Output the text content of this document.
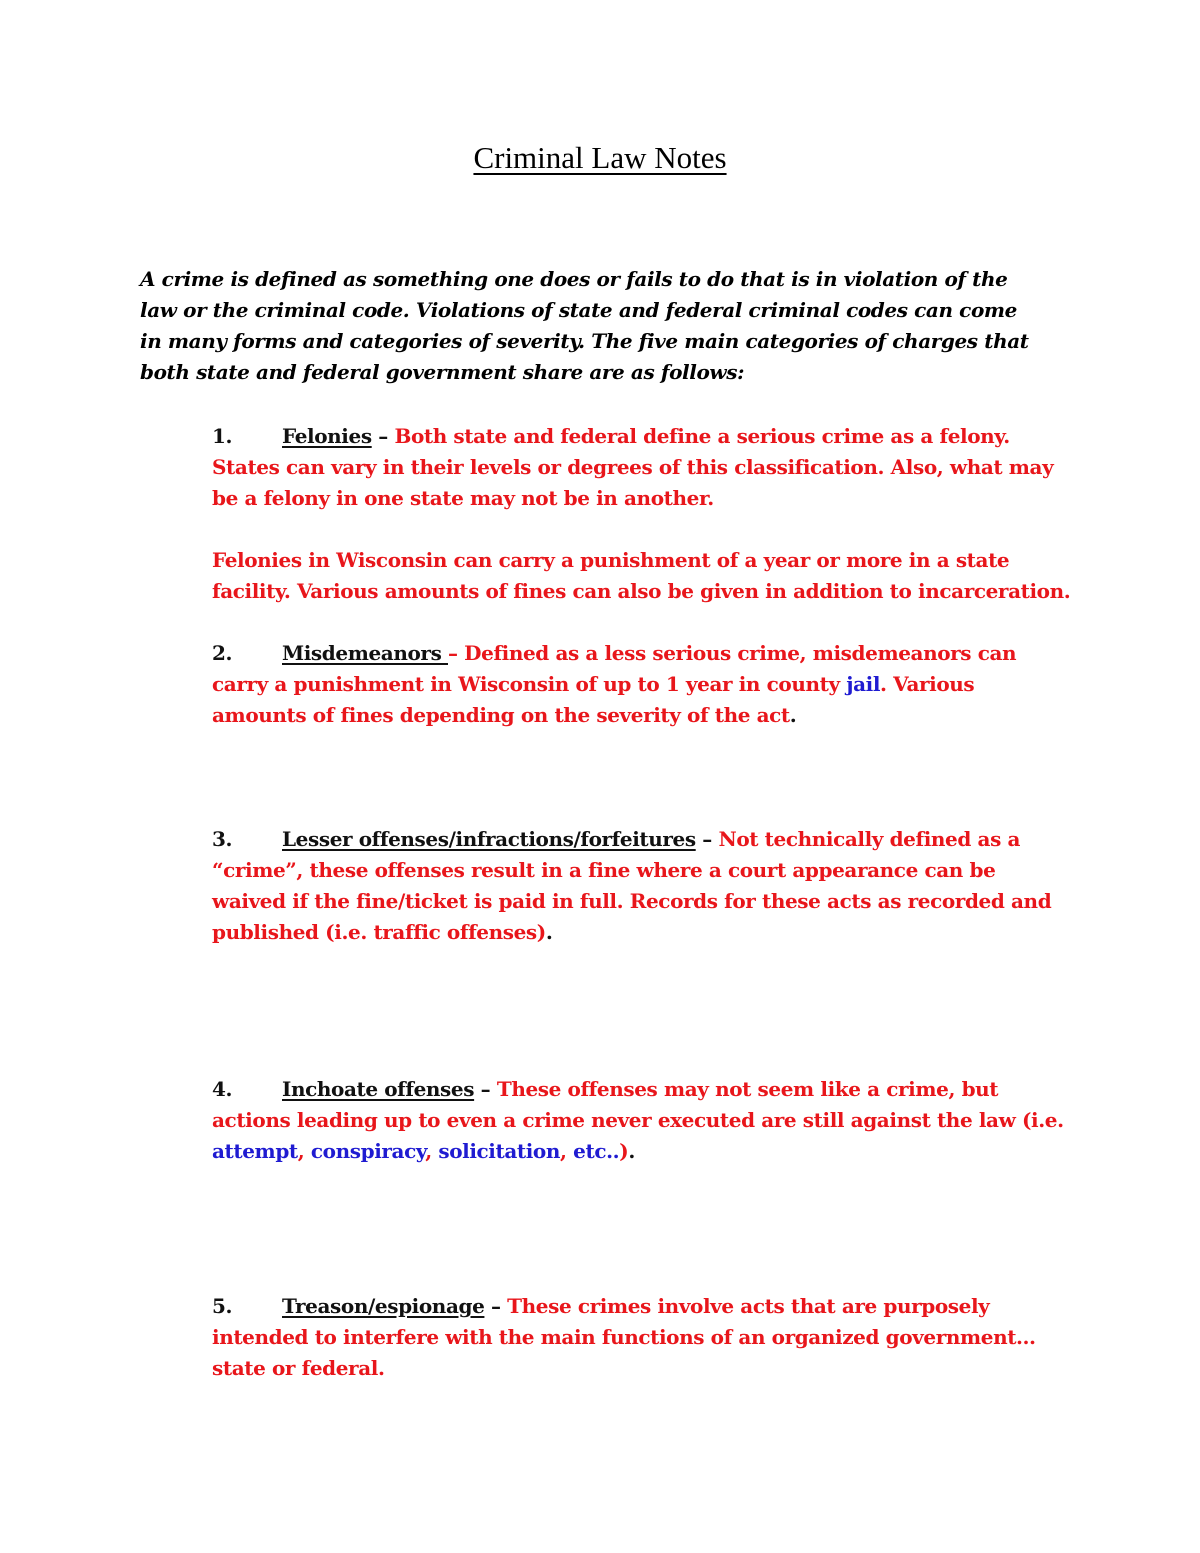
Criminal Law Notes
A crime is defined as something one does or fails to do that is in violation of the law or the criminal code. Violations of state and federal criminal codes can come in many forms and categories of severity. The five main categories of charges that both state and federal government share are as follows:
1. Felonies – Both state and federal define a serious crime as a felony. States can vary in their levels or degrees of this classification. Also, what may be a felony in one state may not be in another.
Felonies in Wisconsin can carry a punishment of a year or more in a state facility. Various amounts of fines can also be given in addition to incarceration.
2. Misdemeanors – Defined as a less serious crime, misdemeanors can carry a punishment in Wisconsin of up to 1 year in county jail. Various amounts of fines depending on the severity of the act.
3. Lesser offenses/infractions/forfeitures – Not technically defined as a “crime”, these offenses result in a fine where a court appearance can be waived if the fine/ticket is paid in full. Records for these acts as recorded and published (i.e. traffic offenses).
4. Inchoate offenses – These offenses may not seem like a crime, but actions leading up to even a crime never executed are still against the law (i.e. attempt, conspiracy, solicitation, etc..).
5. Treason/espionage – These crimes involve acts that are purposely intended to interfere with the main functions of an organized government… state or federal.
